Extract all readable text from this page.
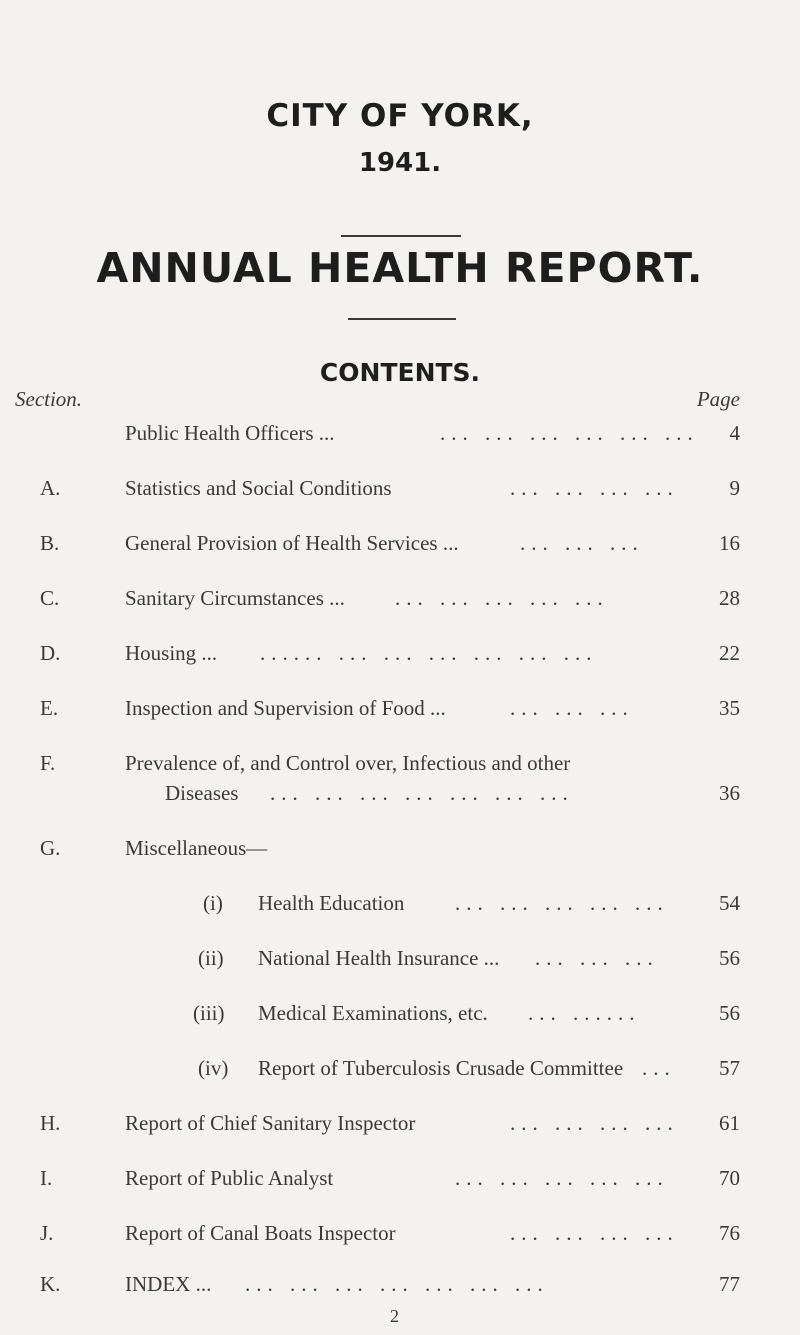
CITY OF YORK,
1941.
ANNUAL HEALTH REPORT.
CONTENTS.
Section.	Page
Public Health Officers ...	... ... ... ... ... ...	4
A.	Statistics and Social Conditions	... ... ... ...	9
B.	General Provision of Health Services ...	... ... ...	16
C.	Sanitary Circumstances ... ... ... ... ... ...	28
D.	Housing ... ...... ... ... ... ... ... ...	22
E.	Inspection and Supervision of Food ...	... ... ...	35
F.	Prevalence of, and Control over, Infectious and other
Diseases ... ... ... ... ... ... ...	36
G.	Miscellaneous—
(i) Health Education ... ... ... ... ...	54
(ii) National Health Insurance ... ... ... ...	56
(iii) Medical Examinations, etc. ... ......	56
(iv) Report of Tuberculosis Crusade Committee ...	57
H.	Report of Chief Sanitary Inspector	... ... ... ...	61
I.	Report of Public Analyst	... ... ... ... ...	70
J.	Report of Canal Boats Inspector	... ... ... ...	76
K.	INDEX ... ... ... ... ... ... ... ...	77
2
